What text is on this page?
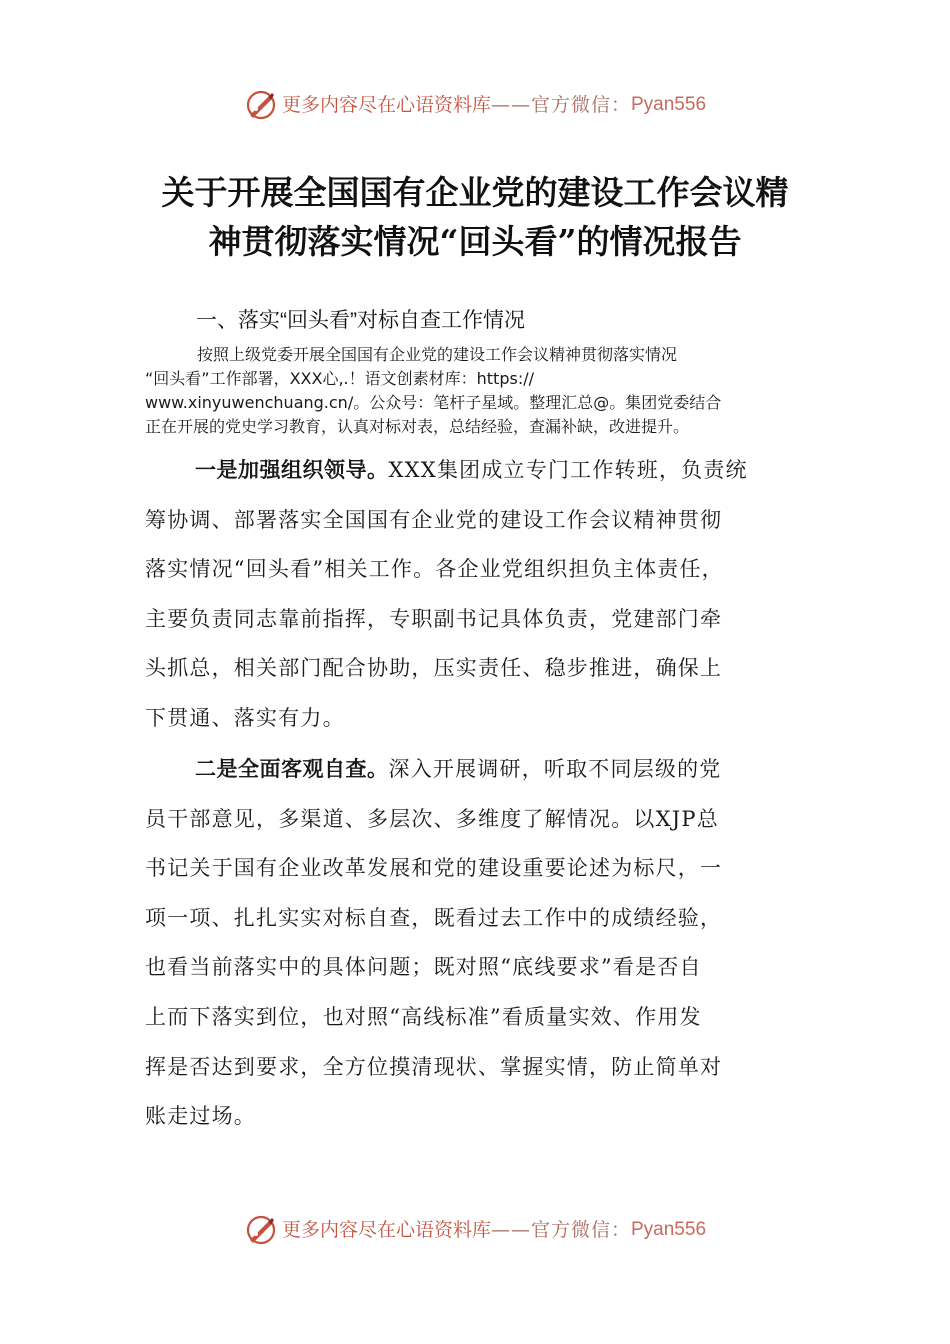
更多内容尽在心语资料库 —— 官方微信： Pyan556
关于开展全国国有企业党的建设工作会议精
神贯彻落实情况“回头看”的情况报告
一、落实“回头看”对标自查工作情况
按照上级党委开展全国国有企业党的建设工作会议精神贯彻落实情况
“回头看”工作部署，XXX心,.！语文创素材库：https://
www.xinyuwenchuang.cn/。公众号：笔杆子星域。整理汇总@。集团党委结合
正在开展的党史学习教育，认真对标对表，总结经验，查漏补缺，改进提升。
一是加强组织领导。XXX集团成立专门工作转班，负责统
筹协调、部署落实全国国有企业党的建设工作会议精神贯彻
落实情况“回头看”相关工作。各企业党组织担负主体责任，
主要负责同志靠前指挥，专职副书记具体负责，党建部门牵
头抓总，相关部门配合协助，压实责任、稳步推进，确保上
下贯通、落实有力。
二是全面客观自查。深入开展调研，听取不同层级的党
员干部意见，多渠道、多层次、多维度了解情况。以XJP总
书记关于国有企业改革发展和党的建设重要论述为标尺，一
项一项、扎扎实实对标自查，既看过去工作中的成绩经验，
也看当前落实中的具体问题；既对照“底线要求”看是否自
上而下落实到位，也对照“高线标准”看质量实效、作用发
挥是否达到要求，全方位摸清现状、掌握实情，防止简单对
账走过场。
更多内容尽在心语资料库 —— 官方微信： Pyan556
